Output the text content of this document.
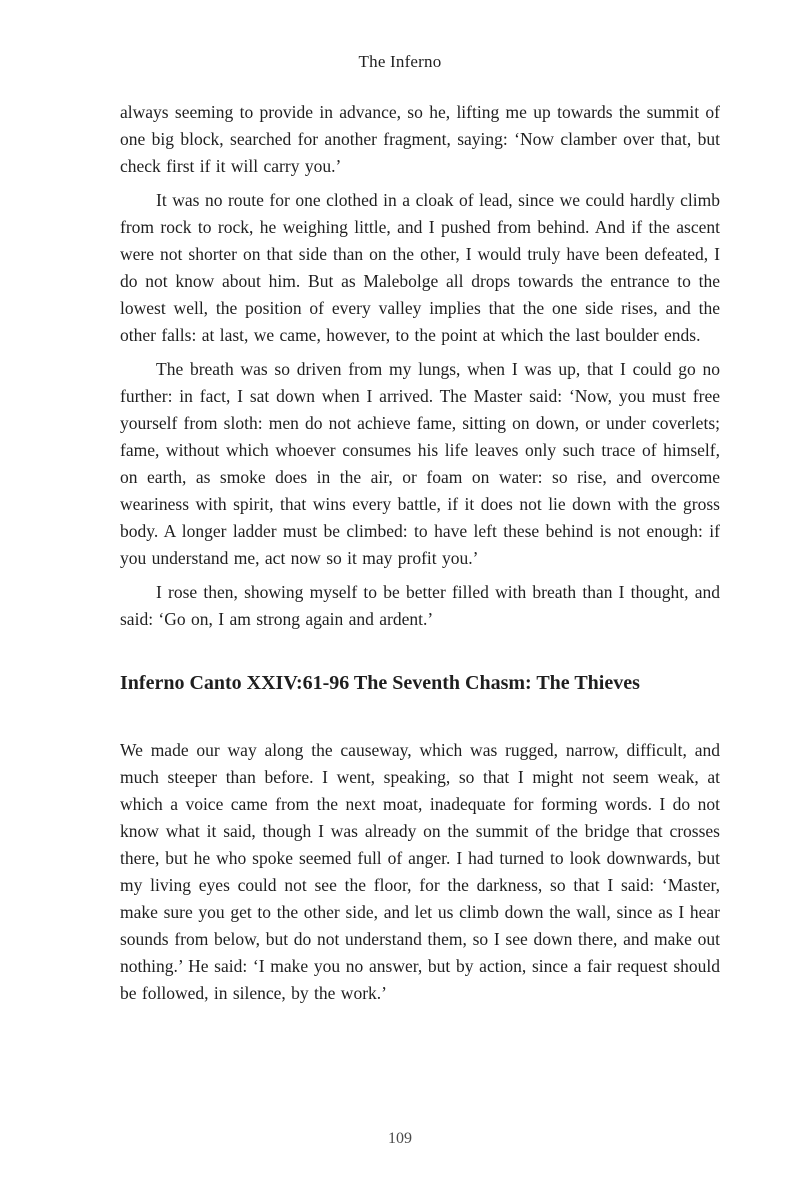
The Inferno

always seeming to provide in advance, so he, lifting me up towards the summit of one big block, searched for another fragment, saying: ‘Now clamber over that, but check first if it will carry you.’

It was no route for one clothed in a cloak of lead, since we could hardly climb from rock to rock, he weighing little, and I pushed from behind. And if the ascent were not shorter on that side than on the other, I would truly have been defeated, I do not know about him. But as Malebolge all drops towards the entrance to the lowest well, the position of every valley implies that the one side rises, and the other falls: at last, we came, however, to the point at which the last boulder ends.

The breath was so driven from my lungs, when I was up, that I could go no further: in fact, I sat down when I arrived. The Master said: ‘Now, you must free yourself from sloth: men do not achieve fame, sitting on down, or under coverlets; fame, without which whoever consumes his life leaves only such trace of himself, on earth, as smoke does in the air, or foam on water: so rise, and overcome weariness with spirit, that wins every battle, if it does not lie down with the gross body. A longer ladder must be climbed: to have left these behind is not enough: if you understand me, act now so it may profit you.’

I rose then, showing myself to be better filled with breath than I thought, and said: ‘Go on, I am strong again and ardent.’

Inferno Canto XXIV:61-96 The Seventh Chasm: The Thieves

We made our way along the causeway, which was rugged, narrow, difficult, and much steeper than before. I went, speaking, so that I might not seem weak, at which a voice came from the next moat, inadequate for forming words. I do not know what it said, though I was already on the summit of the bridge that crosses there, but he who spoke seemed full of anger. I had turned to look downwards, but my living eyes could not see the floor, for the darkness, so that I said: ‘Master, make sure you get to the other side, and let us climb down the wall, since as I hear sounds from below, but do not understand them, so I see down there, and make out nothing.’ He said: ‘I make you no answer, but by action, since a fair request should be followed, in silence, by the work.’

109
